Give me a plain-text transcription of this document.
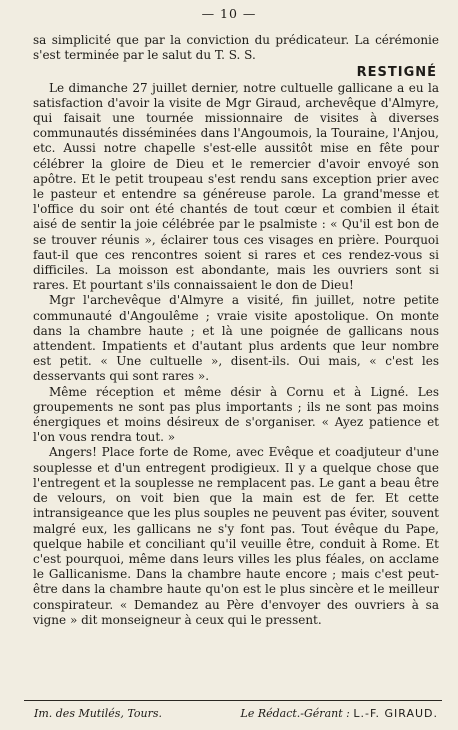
— 10 —

sa simplicité que par la conviction du prédicateur. La cérémonie s'est terminée par le salut du T. S. S.

RESTIGNÉ

Le dimanche 27 juillet dernier, notre cultuelle gallicane a eu la satisfaction d'avoir la visite de Mgr Giraud, archevêque d'Almyre, qui faisait une tournée missionnaire de visites à diverses communautés disséminées dans l'Angoumois, la Touraine, l'Anjou, etc. Aussi notre chapelle s'est-elle aussitôt mise en fête pour célébrer la gloire de Dieu et le remercier d'avoir envoyé son apôtre. Et le petit troupeau s'est rendu sans exception prier avec le pasteur et entendre sa généreuse parole. La grand'messe et l'office du soir ont été chantés de tout cœur et combien il était aisé de sentir la joie célébrée par le psalmiste : « Qu'il est bon de se trouver réunis », éclairer tous ces visages en prière. Pourquoi faut-il que ces rencontres soient si rares et ces rendez-vous si difficiles. La moisson est abondante, mais les ouvriers sont si rares. Et pourtant s'ils connaissaient le don de Dieu!

Mgr l'archevêque d'Almyre a visité, fin juillet, notre petite communauté d'Angoulême ; vraie visite apostolique. On monte dans la chambre haute ; et là une poignée de gallicans nous attendent. Impatients et d'autant plus ardents que leur nombre est petit. « Une cultuelle », disent-ils. Oui mais, « c'est les desservants qui sont rares ».

Même réception et même désir à Cornu et à Ligné. Les groupements ne sont pas plus importants ; ils ne sont pas moins énergiques et moins désireux de s'organiser. « Ayez patience et l'on vous rendra tout. »

Angers! Place forte de Rome, avec Evêque et coadjuteur d'une souplesse et d'un entregent prodigieux. Il y a quelque chose que l'entregent et la souplesse ne remplacent pas. Le gant a beau être de velours, on voit bien que la main est de fer. Et cette intransigeance que les plus souples ne peuvent pas éviter, souvent malgré eux, les gallicans ne s'y font pas. Tout évêque du Pape, quelque habile et conciliant qu'il veuille être, conduit à Rome. Et c'est pourquoi, même dans leurs villes les plus féales, on acclame le Gallicanisme. Dans la chambre haute encore ; mais c'est peut-être dans la chambre haute qu'on est le plus sincère et le meilleur conspirateur. « Demandez au Père d'envoyer des ouvriers à sa vigne » dit monseigneur à ceux qui le pressent.

Im. des Mutilés, Tours.	Le Rédact.-Gérant : L.-F. GIRAUD.
